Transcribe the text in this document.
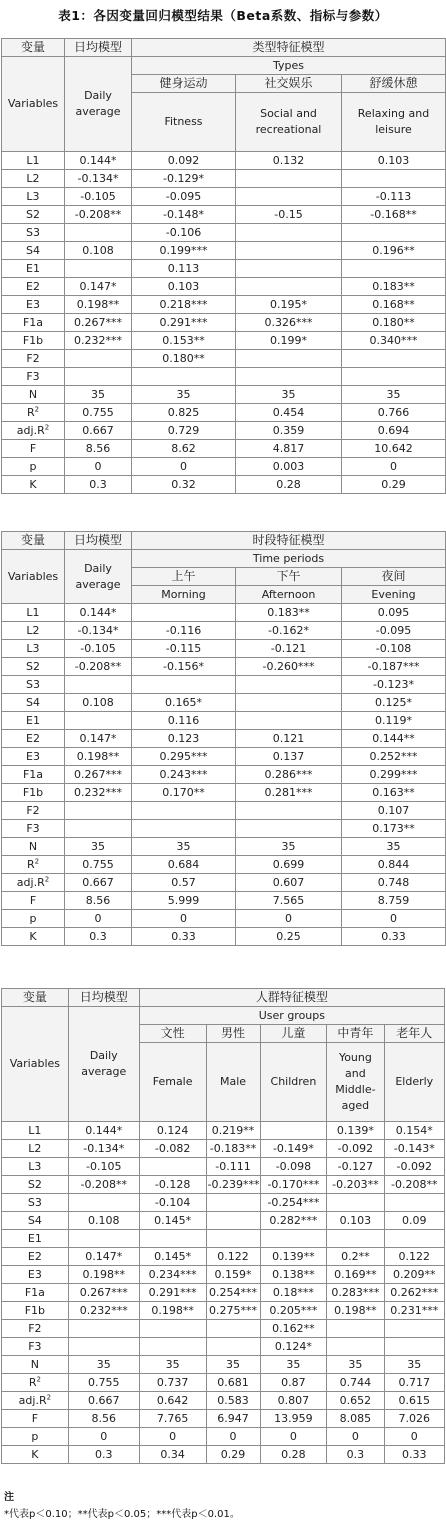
表1：各因变量回归模型结果（Beta系数、指标与参数）
变量	日均模型	类型特征模型		
Variables	Daily average	Types		
		健身运动	社交娱乐	舒缓休憩
		Fitness	Social and recreational	Relaxing and leisure
L1	0.144*	0.092	0.132	0.103
L2	-0.134*	-0.129*		
L3	-0.105	-0.095		-0.113
S2	-0.208**	-0.148*	-0.15	-0.168**
S3		-0.106		
S4	0.108	0.199***		0.196**
E1		0.113		
E2	0.147*	0.103		0.183**
E3	0.198**	0.218***	0.195*	0.168**
F1a	0.267***	0.291***	0.326***	0.180**
F1b	0.232***	0.153**	0.199*	0.340***
F2		0.180**		
F3				
N	35	35	35	35
$R^2$	0.755	0.825	0.454	0.766
$adj.R^2$	0.667	0.729	0.359	0.694
F	8.56	8.62	4.817	10.642
p	0	0	0.003	0
K	0.3	0.32	0.28	0.29
变量	日均模型	时段特征模型		
Variables	Daily average	Time periods		
		上午	下午	夜间
		Morning	Afternoon	Evening
L1	0.144*		0.183**	0.095
L2	-0.134*	-0.116	-0.162*	-0.095
L3	-0.105	-0.115	-0.121	-0.108
S2	-0.208**	-0.156*	-0.260***	-0.187***
S3				-0.123*
S4	0.108	0.165*		0.125*
E1		0.116		0.119*
E2	0.147*	0.123	0.121	0.144**
E3	0.198**	0.295***	0.137	0.252***
F1a	0.267***	0.243***	0.286***	0.299***
F1b	0.232***	0.170**	0.281***	0.163**
F2				0.107
F3				0.173**
N	35	35	35	35
$R^2$	0.755	0.684	0.699	0.844
$adj.R^2$	0.667	0.57	0.607	0.748
F	8.56	5.999	7.565	8.759
p	0	0	0	0
K	0.3	0.33	0.25	0.33
变量	日均模型	人群特征模型				
Variables	Daily average	User groups				
		文性	男性	儿童	中青年	老年人
		Female	Male	Children	Young and Middle-aged	Elderly
L1	0.144*	0.124	0.219**		0.139*	0.154*
L2	-0.134*	-0.082	-0.183**	-0.149*	-0.092	-0.143*
L3	-0.105		-0.111	-0.098	-0.127	-0.092
S2	-0.208**	-0.128	-0.239***	-0.170***	-0.203**	-0.208**
S3		-0.104		-0.254***		
S4	0.108	0.145*		0.282***	0.103	0.09
E1						
E2	0.147*	0.145*	0.122	0.139**	0.2**	0.122
E3	0.198**	0.234***	0.159*	0.138**	0.169**	0.209**
F1a	0.267***	0.291***	0.254***	0.18***	0.283***	0.262***
F1b	0.232***	0.198**	0.275***	0.205***	0.198**	0.231***
F2				0.162**		
F3				0.124*		
N	35	35	35	35	35	35
$R^2$	0.755	0.737	0.681	0.87	0.744	0.717
$adj.R^2$	0.667	0.642	0.583	0.807	0.652	0.615
F	8.56	7.765	6.947	13.959	8.085	7.026
p	0	0	0	0	0	0
K	0.3	0.34	0.29	0.28	0.3	0.33
注
*代表p＜0.10；**代表p＜0.05；***代表p＜0.01。
